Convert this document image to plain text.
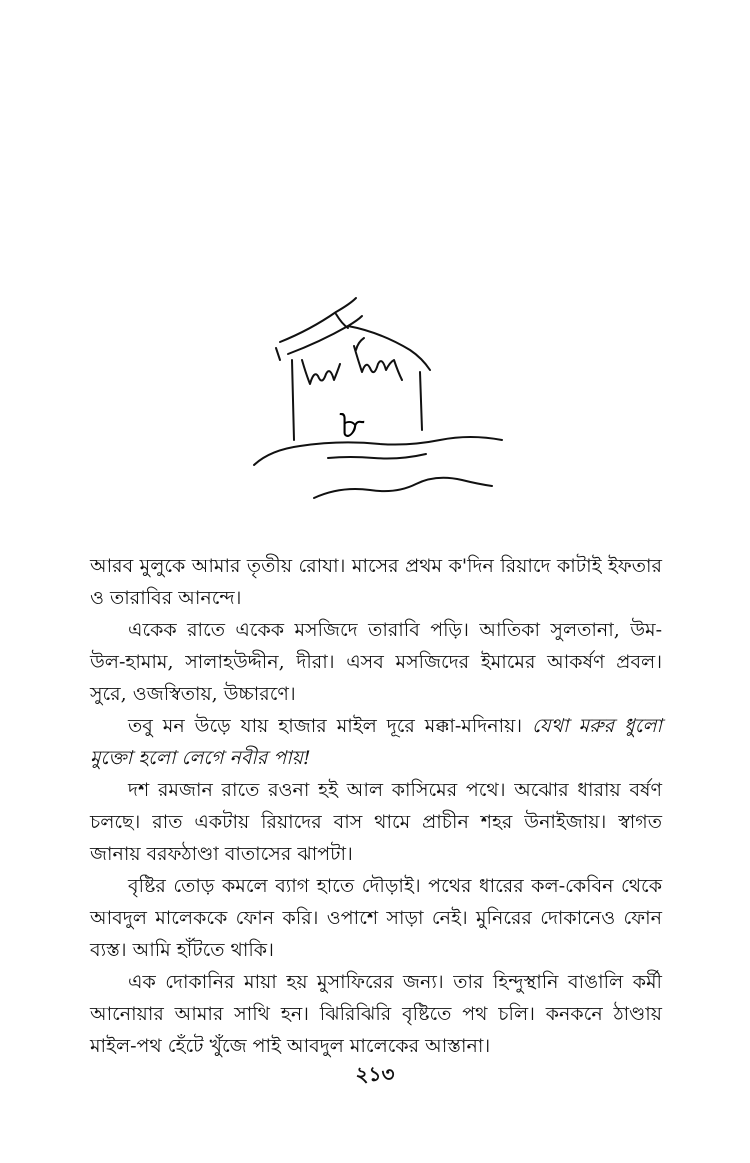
৮

আরব মুলুকে আমার তৃতীয় রোযা। মাসের প্রথম ক'দিন রিয়াদে কাটাই ইফতার ও তারাবির আনন্দে।

একেক রাতে একেক মসজিদে তারাবি পড়ি। আতিকা সুলতানা, উম-উল-হামাম, সালাহউদ্দীন, দীরা। এসব মসজিদের ইমামের আকর্ষণ প্রবল। সুরে, ওজস্বিতায়, উচ্চারণে।

তবু মন উড়ে যায় হাজার মাইল দূরে মক্কা-মদিনায়। যেথা মরুর ধুলো মুক্তো হলো লেগে নবীর পায়!

দশ রমজান রাতে রওনা হই আল কাসিমের পথে। অঝোর ধারায় বর্ষণ চলছে। রাত একটায় রিয়াদের বাস থামে প্রাচীন শহর উনাইজায়। স্বাগত জানায় বরফঠাণ্ডা বাতাসের ঝাপটা।

বৃষ্টির তোড় কমলে ব্যাগ হাতে দৌড়াই। পথের ধারের কল-কেবিন থেকে আবদুল মালেককে ফোন করি। ওপাশে সাড়া নেই। মুনিরের দোকানেও ফোন ব্যস্ত। আমি হাঁটতে থাকি।

এক দোকানির মায়া হয় মুসাফিরের জন্য। তার হিন্দুস্থানি বাঙালি কর্মী আনোয়ার আমার সাথি হন। ঝিরিঝিরি বৃষ্টিতে পথ চলি। কনকনে ঠাণ্ডায় মাইল-পথ হেঁটে খুঁজে পাই আবদুল মালেকের আস্তানা।

২১৩
